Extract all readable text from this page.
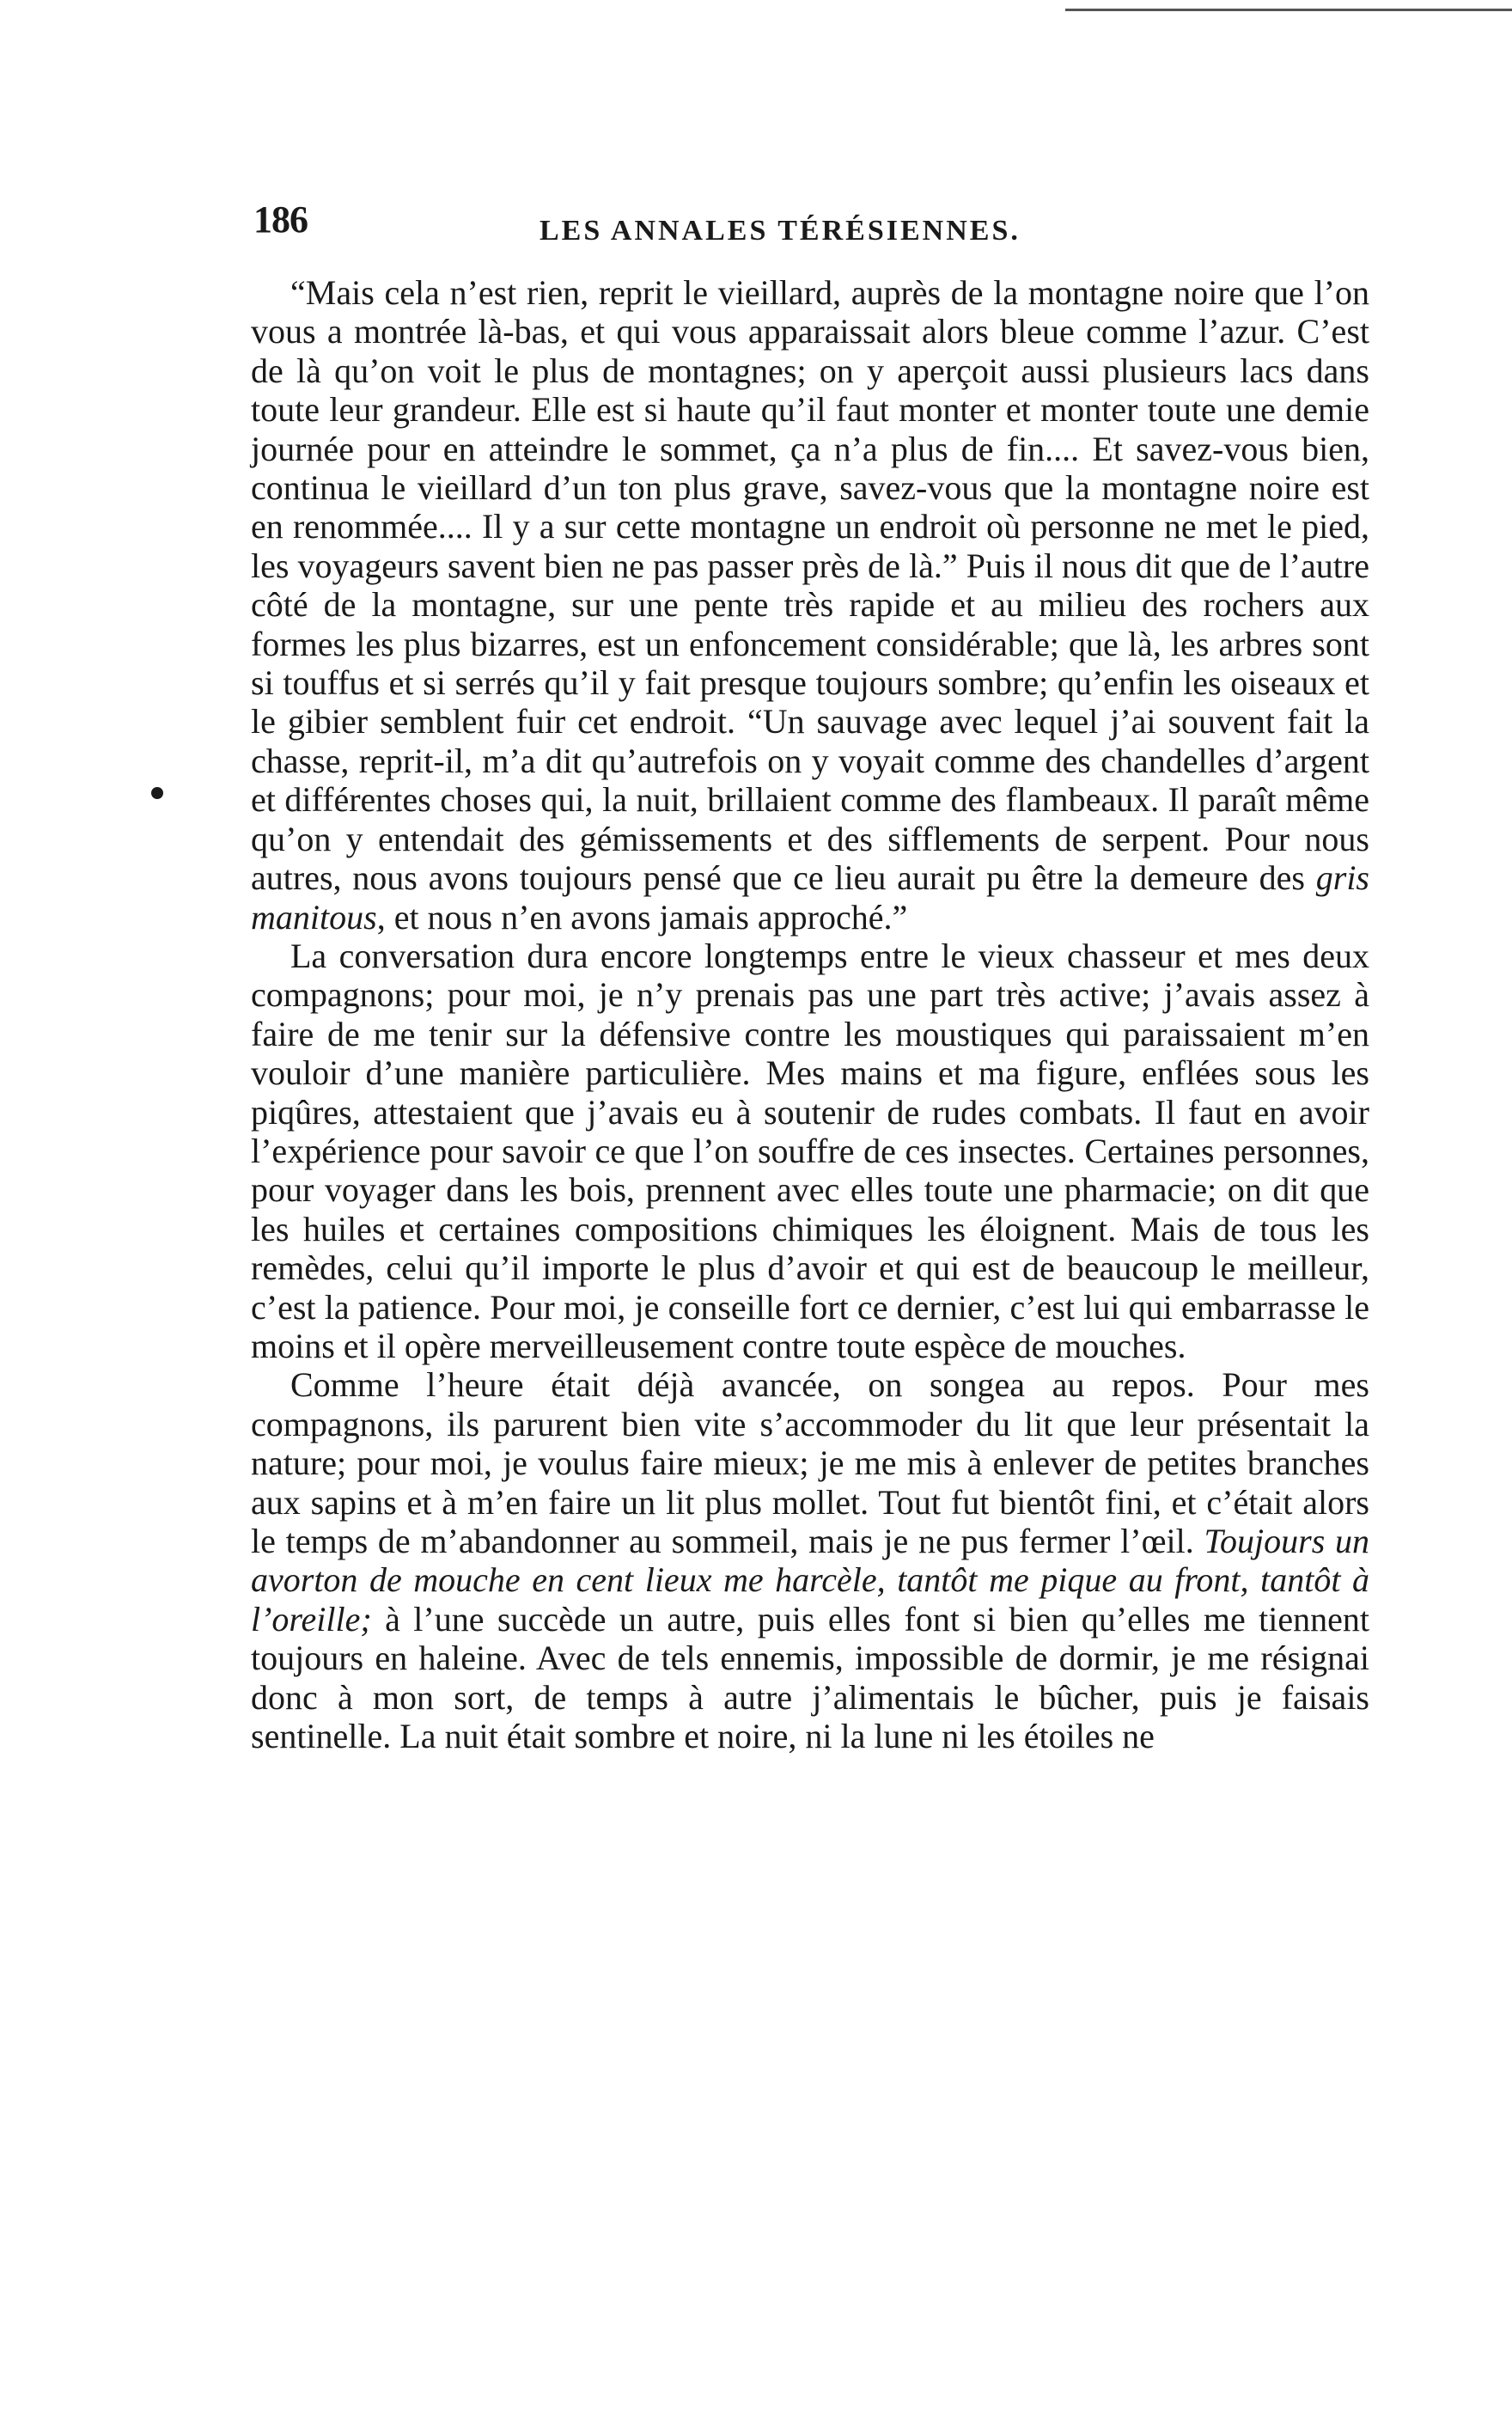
186	LES ANNALES TÉRÉSIENNES.

“Mais cela n’est rien, reprit le vieillard, auprès de la montagne noire que l’on vous a montrée là-bas, et qui vous apparaissait alors bleue comme l’azur. C’est de là qu’on voit le plus de montagnes; on y aperçoit aussi plusieurs lacs dans toute leur grandeur. Elle est si haute qu’il faut monter et monter toute une demie journée pour en atteindre le sommet, ça n’a plus de fin.... Et savez-vous bien, continua le vieillard d’un ton plus grave, savez-vous que la montagne noire est en renommée.... Il y a sur cette montagne un endroit où personne ne met le pied, les voyageurs savent bien ne pas passer près de là.” Puis il nous dit que de l’autre côté de la montagne, sur une pente très rapide et au milieu des rochers aux formes les plus bizarres, est un enfoncement considérable; que là, les arbres sont si touffus et si serrés qu’il y fait presque toujours sombre; qu’enfin les oiseaux et le gibier semblent fuir cet endroit. “Un sauvage avec lequel j’ai souvent fait la chasse, reprit-il, m’a dit qu’autrefois on y voyait comme des chandelles d’argent et différentes choses qui, la nuit, brillaient comme des flambeaux. Il paraît même qu’on y entendait des gémissements et des sifflements de serpent. Pour nous autres, nous avons toujours pensé que ce lieu aurait pu être la demeure des gris manitous, et nous n’en avons jamais approché.”

La conversation dura encore longtemps entre le vieux chasseur et mes deux compagnons; pour moi, je n’y prenais pas une part très active; j’avais assez à faire de me tenir sur la défensive contre les moustiques qui paraissaient m’en vouloir d’une manière particulière. Mes mains et ma figure, enflées sous les piqûres, attestaient que j’avais eu à soutenir de rudes combats. Il faut en avoir l’expérience pour savoir ce que l’on souffre de ces insectes. Certaines personnes, pour voyager dans les bois, prennent avec elles toute une pharmacie; on dit que les huiles et certaines compositions chimiques les éloignent. Mais de tous les remèdes, celui qu’il importe le plus d’avoir et qui est de beaucoup le meilleur, c’est la patience. Pour moi, je conseille fort ce dernier, c’est lui qui embarrasse le moins et il opère merveilleusement contre toute espèce de mouches.

Comme l’heure était déjà avancée, on songea au repos. Pour mes compagnons, ils parurent bien vite s’accommoder du lit que leur présentait la nature; pour moi, je voulus faire mieux; je me mis à enlever de petites branches aux sapins et à m’en faire un lit plus mollet. Tout fut bientôt fini, et c’était alors le temps de m’abandonner au sommeil, mais je ne pus fermer l’œil. Toujours un avorton de mouche en cent lieux me harcèle, tantôt me pique au front, tantôt à l’oreille; à l’une succède un autre, puis elles font si bien qu’elles me tiennent toujours en haleine. Avec de tels ennemis, impossible de dormir, je me résignai donc à mon sort, de temps à autre j’alimentais le bûcher, puis je faisais sentinelle. La nuit était sombre et noire, ni la lune ni les étoiles ne
